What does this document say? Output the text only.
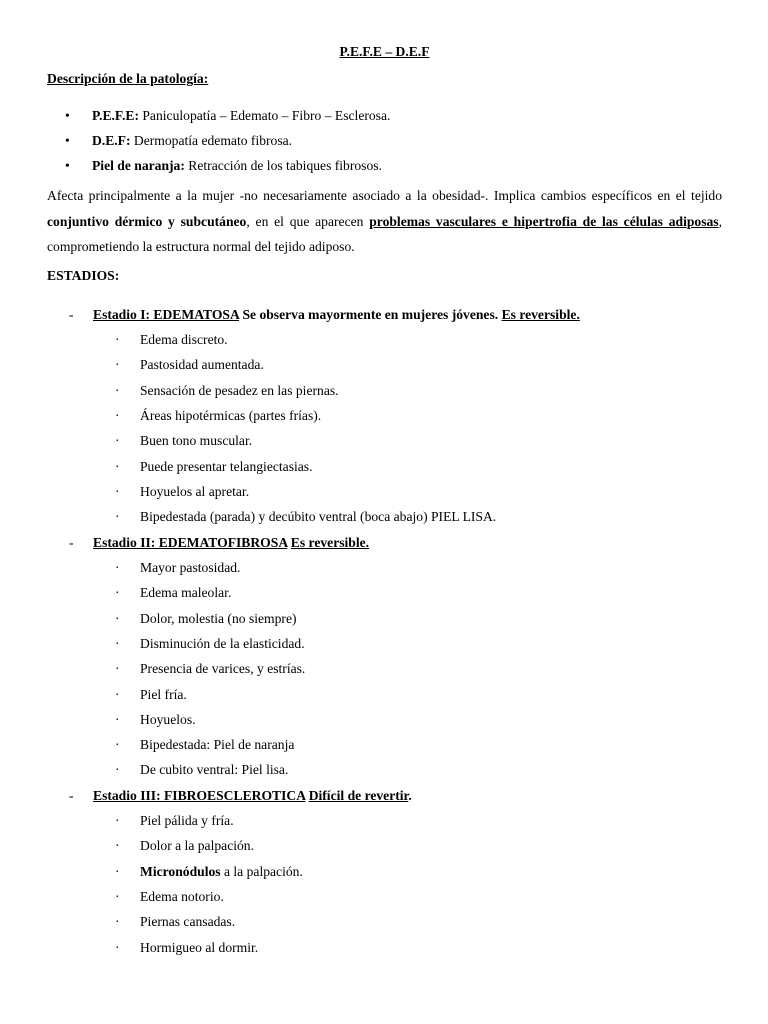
P.E.F.E – D.E.F
Descripción de la patología:
• P.E.F.E: Paniculopatía – Edemato – Fibro – Esclerosa.
• D.E.F: Dermopatía edemato fibrosa.
• Piel de naranja: Retracción de los tabiques fibrosos.
Afecta principalmente a la mujer -no necesariamente asociado a la obesidad-. Implica cambios específicos en el tejido conjuntivo dérmico y subcutáneo, en el que aparecen problemas vasculares e hipertrofia de las células adiposas, comprometiendo la estructura normal del tejido adiposo.
ESTADIOS:
- Estadio I: EDEMATOSA Se observa mayormente en mujeres jóvenes. Es reversible.
· Edema discreto.
· Pastosidad aumentada.
· Sensación de pesadez en las piernas.
· Áreas hipotérmicas (partes frías).
· Buen tono muscular.
· Puede presentar telangiectasias.
· Hoyuelos al apretar.
· Bipedestada (parada) y decúbito ventral (boca abajo) PIEL LISA.
- Estadio II: EDEMATOFIBROSA Es reversible.
· Mayor pastosidad.
· Edema maleolar.
· Dolor, molestia (no siempre)
· Disminución de la elasticidad.
· Presencia de varices, y estrías.
· Piel fría.
· Hoyuelos.
· Bipedestada: Piel de naranja
· De cubito ventral: Piel lisa.
- Estadio III: FIBROESCLEROTICA Difícil de revertir.
· Piel pálida y fría.
· Dolor a la palpación.
· Micronódulos a la palpación.
· Edema notorio.
· Piernas cansadas.
· Hormigueo al dormir.
